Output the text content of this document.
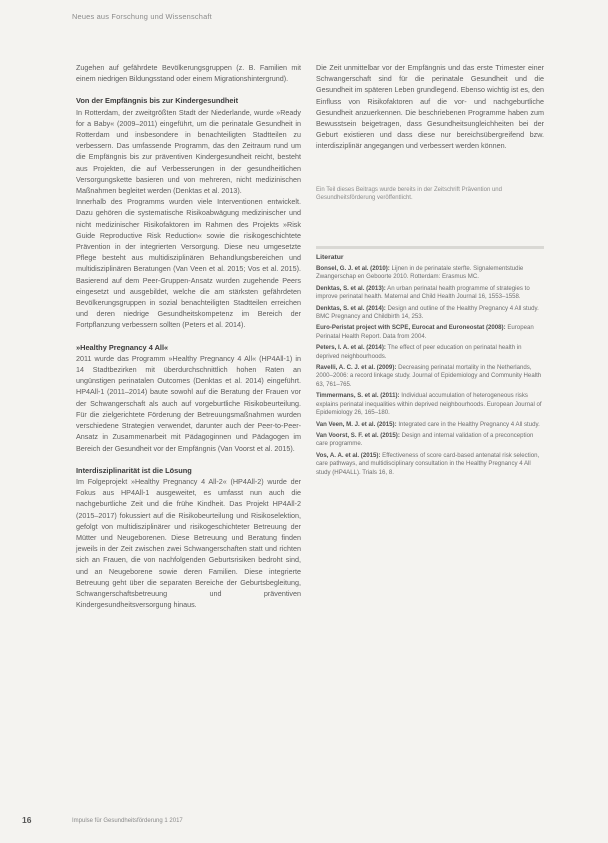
Neues aus Forschung und Wissenschaft

Zugehen auf gefährdete Bevölkerungsgruppen (z. B. Familien mit einem niedrigen Bildungsstand oder einem Migrationshintergrund).

Von der Empfängnis bis zur Kindergesundheit

In Rotterdam, der zweitgrößten Stadt der Niederlande, wurde »Ready for a Baby« (2009–2011) eingeführt, um die perinatale Gesundheit in Rotterdam und insbesondere in benachteiligten Stadtteilen zu verbessern. Das umfassende Programm, das den Zeitraum rund um die Empfängnis bis zur präventiven Kindergesundheit reicht, besteht aus Projekten, die auf Verbesserungen in der gesundheitlichen Versorgungskette basieren und von mehreren, nicht medizinischen Maßnahmen begleitet werden (Denktas et al. 2013).

Innerhalb des Programms wurden viele Interventionen entwickelt. Dazu gehören die systematische Risikoabwägung medizinischer und nicht medizinischer Risikofaktoren im Rahmen des Projekts »Risk Guide Reproductive Risk Reduction« sowie die risikogeschichtete Prävention in der integrierten Versorgung. Diese neu umgesetzte Pflege besteht aus multidisziplinären Behandlungsbereichen und multidisziplinären Beratungen (Van Veen et al. 2015; Vos et al. 2015). Basierend auf dem Peer-Gruppen-Ansatz wurden zugehende Peers eingesetzt und ausgebildet, welche die am stärksten gefährdeten Bevölkerungsgruppen in sozial benachteiligten Stadtteilen erreichen und deren niedrige Gesundheitskompetenz im Bereich der Fortpflanzung verbessern sollten (Peters et al. 2014).

»Healthy Pregnancy 4 All«

2011 wurde das Programm »Healthy Pregnancy 4 All« (HP4All-1) in 14 Stadtbezirken mit überdurchschnittlich hohen Raten an ungünstigen perinatalen Outcomes (Denktas et al. 2014) eingeführt. HP4All-1 (2011–2014) baute sowohl auf die Beratung der Frauen vor der Schwangerschaft als auch auf vorgeburtliche Risikobeurteilung. Für die zielgerichtete Förderung der Betreuungsmaßnahmen wurden verschiedene Strategien verwendet, darunter auch der Peer-to-Peer-Ansatz in Zusammenarbeit mit Pädagoginnen und Pädagogen im Bereich der Gesundheit vor der Empfängnis (Van Voorst et al. 2015).

Interdisziplinarität ist die Lösung

Im Folgeprojekt »Healthy Pregnancy 4 All-2« (HP4All-2) wurde der Fokus aus HP4All-1 ausgeweitet, es umfasst nun auch die nachgeburtliche Zeit und die frühe Kindheit. Das Projekt HP4All-2 (2015–2017) fokussiert auf die Risikobeurteilung und Risikoselektion, gefolgt von multidisziplinärer und risikogeschichteter Betreuung der Mütter und Neugeborenen. Diese Betreuung und Beratung finden jeweils in der Zeit zwischen zwei Schwangerschaften statt und richten sich an Frauen, die von nachfolgenden Geburtsrisiken bedroht sind, und an Neugeborene sowie deren Familien. Diese integrierte Betreuung geht über die separaten Bereiche der Geburtsbegleitung, Schwangerschaftsbetreuung und präventiven Kindergesundheitsversorgung hinaus.

Die Zeit unmittelbar vor der Empfängnis und das erste Trimester einer Schwangerschaft sind für die perinatale Gesundheit und die Gesundheit im späteren Leben grundlegend. Ebenso wichtig ist es, den Einfluss von Risikofaktoren auf die vor- und nachgeburtliche Gesundheit anzuerkennen. Die beschriebenen Programme haben zum Bewusstsein beigetragen, dass Gesundheitsungleichheiten bei der Geburt existieren und dass diese nur bereichsübergreifend bzw. interdisziplinär angegangen und verbessert werden können.

Ein Teil dieses Beitrags wurde bereits in der Zeitschrift Prävention und Gesundheitsförderung veröffentlicht.
Literatur

Bonsel, G. J. et al. (2010): Lijnen in de perinatale sterfte. Signalementstudie Zwangerschap en Geboorte 2010. Rotterdam: Erasmus MC.

Denktas, S. et al. (2013): An urban perinatal health programme of strategies to improve perinatal health. Maternal and Child Health Journal 16, 1553–1558.

Denktas, S. et al. (2014): Design and outline of the Healthy Pregnancy 4 All study. BMC Pregnancy and Childbirth 14, 253.

Euro-Peristat project with SCPE, Eurocat and Euroneostat (2008): European Perinatal Health Report. Data from 2004.

Peters, I. A. et al. (2014): The effect of peer education on perinatal health in deprived neighbourhoods.

Ravelli, A. C. J. et al. (2009): Decreasing perinatal mortality in the Netherlands, 2000–2006: a record linkage study. Journal of Epidemiology and Community Health 63, 761–765.

Timmermans, S. et al. (2011): Individual accumulation of heterogeneous risks explains perinatal inequalities within deprived neighbourhoods. European Journal of Epidemiology 26, 165–180.

Van Veen, M. J. et al. (2015): Integrated care in the Healthy Pregnancy 4 All study.

Van Voorst, S. F. et al. (2015): Design and internal validation of a preconception care programme.

Vos, A. A. et al. (2015): Effectiveness of score card-based antenatal risk selection, care pathways, and multidisciplinary consultation in the Healthy Pregnancy 4 All study (HP4ALL). Trials 16, 8.

16	Impulse für Gesundheitsförderung 1 2017
